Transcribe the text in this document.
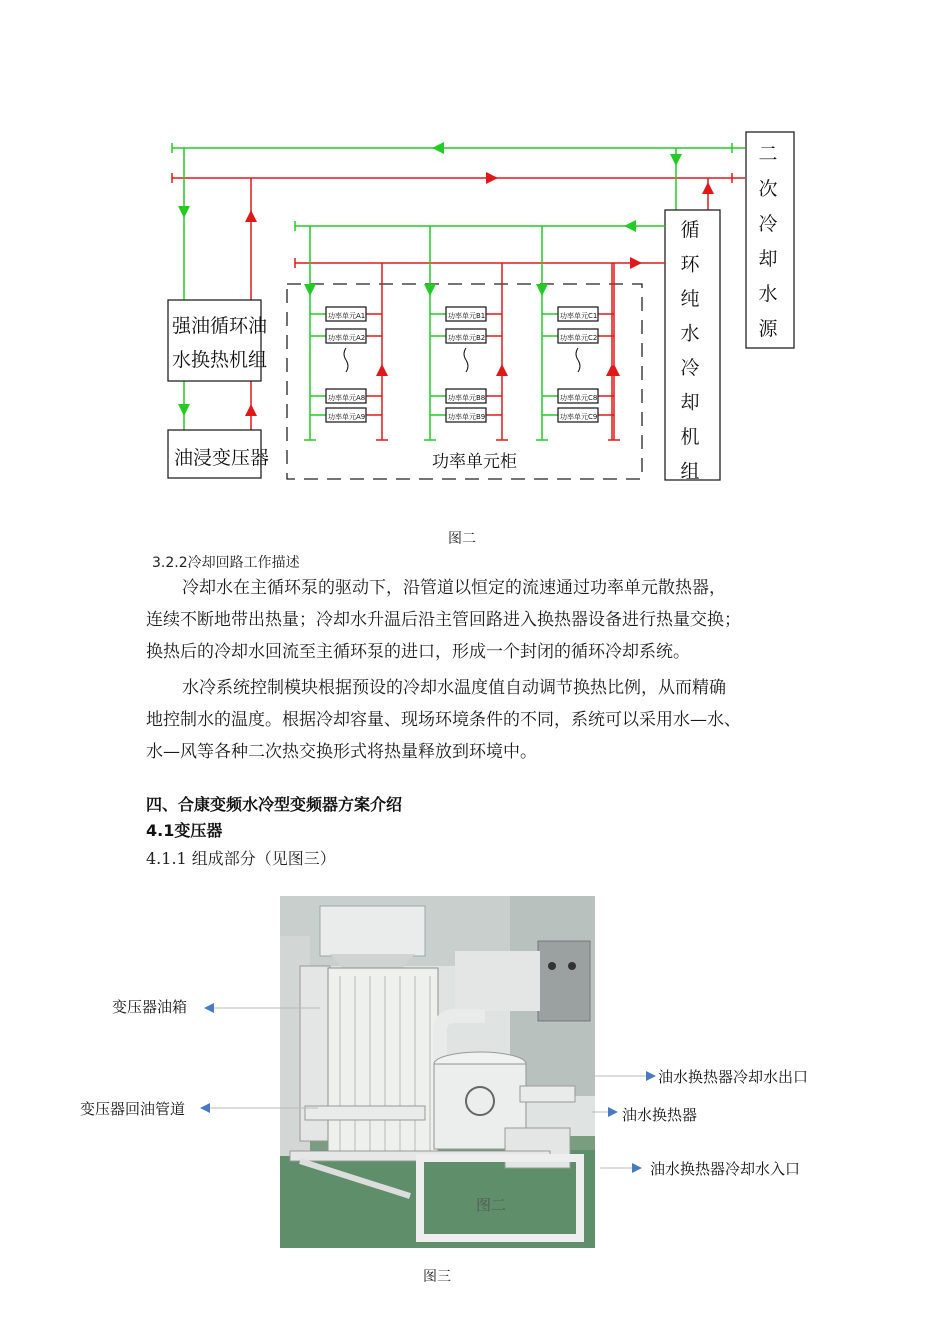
功率单元A1
功率单元A2
功率单元A8
功率单元A9
功率单元B1
功率单元B2
功率单元B8
功率单元B9
功率单元C1
功率单元C2
功率单元C8
功率单元C9
强油循环油
水换热机组
油浸变压器	功率单元柜
循
环
纯
水
冷
却
机
组
二
次
冷
却
水
源
图二
3.2.2冷却回路工作描述

冷却水在主循环泵的驱动下，沿管道以恒定的流速通过功率单元散热器，

连续不断地带出热量；冷却水升温后沿主管回路进入换热器设备进行热量交换；

换热后的冷却水回流至主循环泵的进口，形成一个封闭的循环冷却系统。

水冷系统控制模块根据预设的冷却水温度值自动调节换热比例，从而精确

地控制水的温度。根据冷却容量、现场环境条件的不同，系统可以采用水—水、

水—风等各种二次热交换形式将热量释放到环境中。

四、合康变频水冷型变频器方案介绍
4.1变压器
4.1.1 组成部分（见图三）
图二
变压器油箱
变压器回油管道
油水换热器冷却水出口
油水换热器
油水换热器冷却水入口
图三
